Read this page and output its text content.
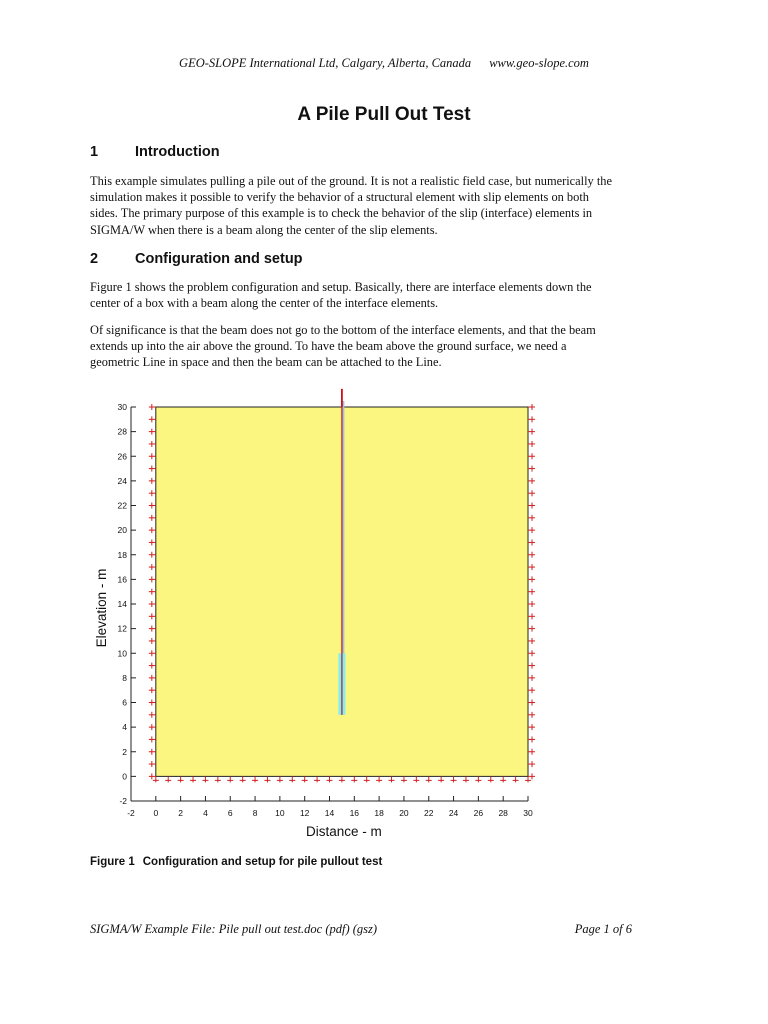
GEO-SLOPE International Ltd, Calgary, Alberta, Canada www.geo-slope.com
A Pile Pull Out Test
1	Introduction

This example simulates pulling a pile out of the ground. It is not a realistic field case, but numerically the
simulation makes it possible to verify the behavior of a structural element with slip elements on both
sides. The primary purpose of this example is to check the behavior of the slip (interface) elements in
SIGMA/W when there is a beam along the center of the slip elements.

2	Configuration and setup

Figure 1 shows the problem configuration and setup. Basically, there are interface elements down the
center of a box with a beam along the center of the interface elements.

Of significance is that the beam does not go to the bottom of the interface elements, and that the beam
extends up into the air above the ground. To have the beam above the ground surface, we need a
geometric Line in space and then the beam can be attached to the Line.

-2
0
2
4
6
8
10
12
14
16
18
20
22
24
26
28
30
-2 0 2 4 6 8 10 12 14 16 18 20 22 24 26 28 30
Distance - m
Elevation - m
Figure 1 Configuration and setup for pile pullout test
SIGMA/W Example File: Pile pull out test.doc (pdf) (gsz)	Page 1 of 6
